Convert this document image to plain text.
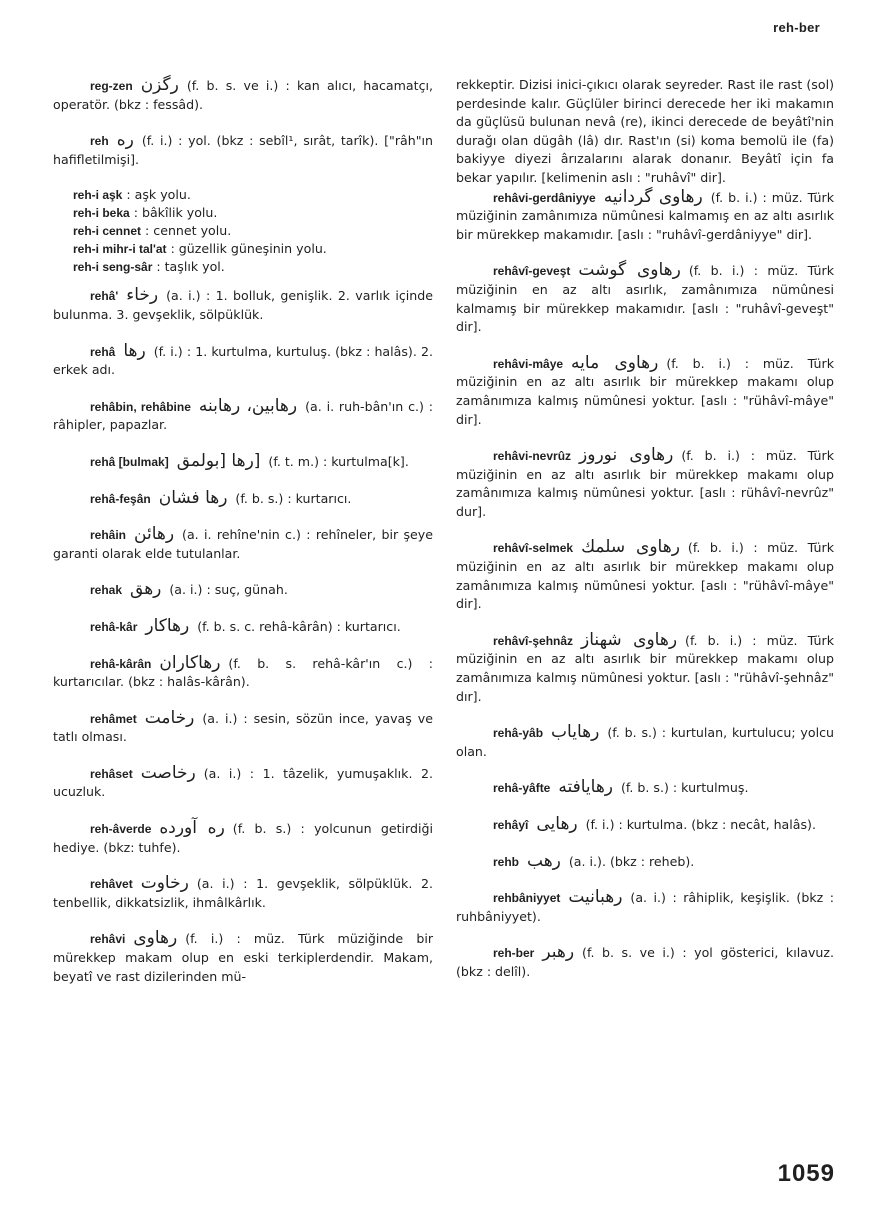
reh-ber

reg-zen رگزن (f. b. s. ve i.) : kan alıcı, hacamatçı, operatör. (bkz : fessâd).

reh ره (f. i.) : yol. (bkz : sebîl¹, sırât, tarîk). ["râh"ın hafifletilmişi].

reh-i aşk : aşk yolu.
reh-i beka : bâkîlik yolu.
reh-i cennet : cennet yolu.
reh-i mihr-i tal'at : güzellik güneşinin yolu.
reh-i seng-sâr : taşlık yol.

rehâ' رخاء (a. i.) : 1. bolluk, genişlik. 2. varlık içinde bulunma. 3. gevşeklik, sölpüklük.

rehâ رها (f. i.) : 1. kurtulma, kurtuluş. (bkz : halâs). 2. erkek adı.

rehâbin, rehâbine رهابين، رهابنه (a. i. ruh-bân'ın c.) : râhipler, papazlar.

rehâ [bulmak] [رها [بولمق (f. t. m.) : kurtulma[k].

rehâ-feşân رها فشان (f. b. s.) : kurtarıcı.

rehâin رهائن (a. i. rehîne'nin c.) : rehîneler, bir şeye garanti olarak elde tutulanlar.

rehak رهق (a. i.) : suç, günah.

rehâ-kâr رهاكار (f. b. s. c. rehâ-kârân) : kurtarıcı.

rehâ-kârân رهاكاران (f. b. s. rehâ-kâr'ın c.) : kurtarıcılar. (bkz : halâs-kârân).

rehâmet رخامت (a. i.) : sesin, sözün ince, yavaş ve tatlı olması.

rehâset رخاصت (a. i.) : 1. tâzelik, yumuşaklık. 2. ucuzluk.

reh-âverde ره آورده (f. b. s.) : yolcunun getirdiği hediye. (bkz: tuhfe).

rehâvet رخاوت (a. i.) : 1. gevşeklik, sölpüklük. 2. tenbellik, dikkatsizlik, ihmâlkârlık.

rehâvi رهاوى (f. i.) : müz. Türk müziğinde bir mürekkep makam olup en eski terkiplerdendir. Makam, beyatî ve rast dizilerinden mü-

rekkeptir. Dizisi inici-çıkıcı olarak seyreder. Rast ile rast (sol) perdesinde kalır. Güçlüler birinci derecede her iki makamın da güçlüsü bulunan nevâ (re), ikinci derecede de beyâtî'nin durağı olan dügâh (lâ) dır. Rast'ın (si) koma bemolü ile (fa) bakiyye diyezi ârızalarını alarak donanır. Beyâtî için fa bekar yapılır. [kelimenin aslı : "ruhâvî" dir].

rehâvi-gerdâniyye رهاوى گردانيه (f. b. i.) : müz. Türk müziğinin zamânımıza nümûnesi kalmamış en az altı asırlık bir mürekkep makamıdır. [aslı : "ruhâvî-gerdâniyye" dir].

rehâvî-geveşt رهاوى گوشت (f. b. i.) : müz. Türk müziğinin en az altı asırlık, zamânımıza nümûnesi kalmamış bir mürekkep makamıdır. [aslı : "ruhâvî-geveşt" dir].

rehâvi-mâye رهاوى مايه (f. b. i.) : müz. Türk müziğinin en az altı asırlık bir mürekkep makamı olup zamânımıza kalmış nümûnesi yoktur. [aslı : "rühâvî-mâye" dir].

rehâvi-nevrûz رهاوى نوروز (f. b. i.) : müz. Türk müziğinin en az altı asırlık bir mürekkep makamı olup zamânımıza kalmış nümûnesi yoktur. [aslı : rühâvî-nevrûz" dur].

rehâvî-selmek رهاوى سلمك (f. b. i.) : müz. Türk müziğinin en az altı asırlık bir mürekkep makamı olup zamânımıza kalmış nümûnesi yoktur. [aslı : "rühâvî-mâye" dir].

rehâvî-şehnâz رهاوى شهناز (f. b. i.) : müz. Türk müziğinin en az altı asırlık bir mürekkep makamı olup zamânımıza kalmış nümûnesi yoktur. [aslı : "rühâvî-şehnâz" dır].

rehâ-yâb رهاياب (f. b. s.) : kurtulan, kurtulucu; yolcu olan.

rehâ-yâfte رهايافته (f. b. s.) : kurtulmuş.

rehâyî رهايى (f. i.) : kurtulma. (bkz : necât, halâs).

rehb رهب (a. i.). (bkz : reheb).

rehbâniyyet رهبانيت (a. i.) : râhiplik, keşişlik. (bkz : ruhbâniyyet).

reh-ber رهبر (f. b. s. ve i.) : yol gösterici, kılavuz. (bkz : delîl).

1059
